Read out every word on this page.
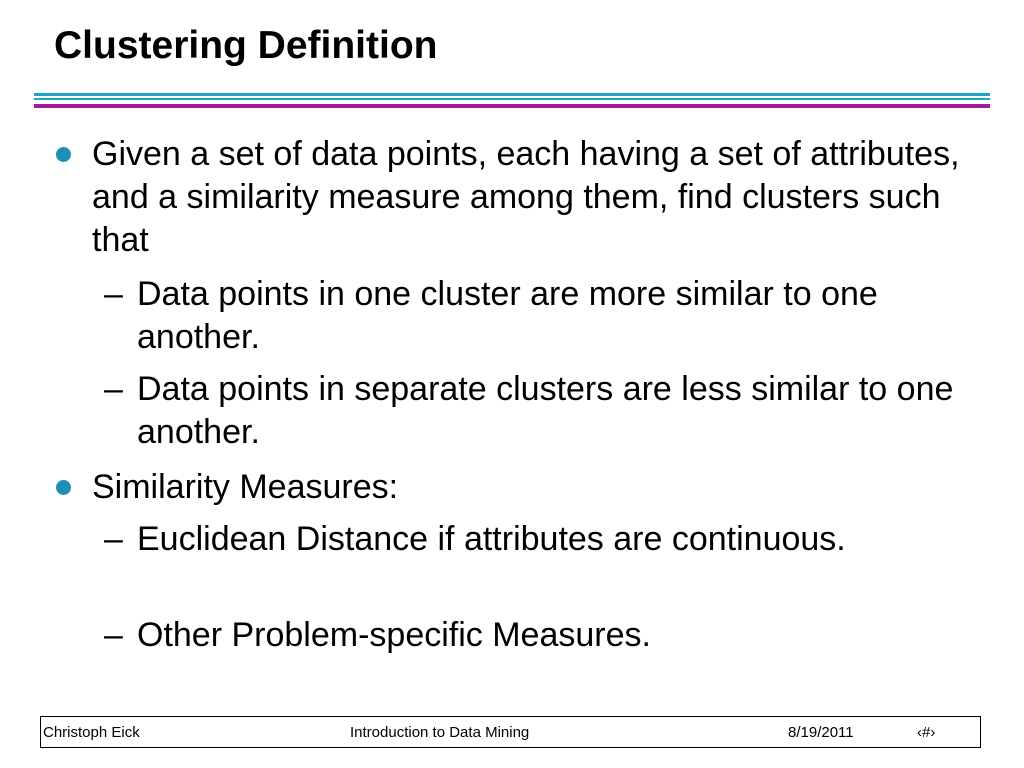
Clustering Definition
Given a set of data points, each having a set of attributes, and a similarity measure among them, find clusters such that
– Data points in one cluster are more similar to one another.
– Data points in separate clusters are less similar to one another.
Similarity Measures:
– Euclidean Distance if attributes are continuous.
– Other Problem-specific Measures.
Christoph Eick	Introduction to Data Mining	8/19/2011	‹#›
